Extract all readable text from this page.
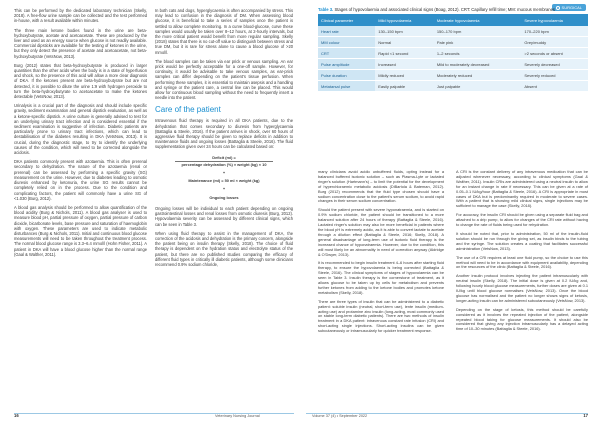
SURGICAL

This can be performed by the dedicated laboratory technician (Skelly, 2018). A free-flow urine sample can be collected and the test performed in-house, with a result available within minutes.

The three main ketone bodies found in the urine are beta-hydroxybutyrate, acetate and acetoacetate. These are produced by the liver and used as an energy source when glucose is not readily available. Commercial dipsticks are available for the testing of ketones in the urine, but they only detect the presence of acetate and acetoacetate, not beta-hydroxybutyrate (VetsNow, 2013).

Burg (2012) states that beta-hydroxybutyrate is produced in larger quantities than the other acids when the body is in a state of hyperfusion and shock, so the presence of this acid will allow a more clear diagnosis of DKA. If the ketones present are beta-hydroxybutyrate but are not detected, it is possible to dilute the urine 1:9 with hydrogen peroxide to turn the beta-hydroxybutyrate to acetoacetate to make the ketones detectable (VetsNow, 2013).

Urinalysis is a crucial part of the diagnosis and should include specific gravity, sediment examination and general dipstick evaluation, as well as a ketone-specific dipstick. A urine culture is generally advised to test for an underlying urinary tract infection and is considered essential if the sediment examination is suggestive of infection. Diabetic patients are particularly prone to urinary tract infections, which can lead to destabilisation of the diabetes resulting in DKA (VetsNow, 2013). It is crucial, during the diagnostic stage, to try to identify the underlying causes of the condition, which will need to be corrected alongside the acidosis.

DKA patients commonly present with azotaemia. This is often prerenal secondary to dehydration. The nature of the azotaemia (renal or prerenal) can be assessed by performing a specific gravity (SG) measurement on the urine. However, due to diabetes leading to osmotic diuresis enhanced by ketonuria, the urine SG results cannot be completely relied on in the process. Due to the condition and complicating factors, the patient will commonly have a urine SG of <1.030 (Burg, 2012).

A blood gas analysis should be performed to allow quantification of the blood acidity (Burg & Nichols, 2011). A blood gas analyser is used to measure blood pH, partial pressure of oxygen, partial pressure of carbon dioxide, bicarbonate levels, base pressure and saturation of haemoglobin with oxygen. These parameters are used to indicate metabolic disturbances (Burg & Nichols, 2011). Initial and continuous blood glucose measurements will need to be taken throughout the treatment process. The normal blood glucose range is 3.3–6.4 mmol/l (Hohn Fisher, 2011). A patient in DKA will have a blood glucose higher than the normal range (Gaal & Walther, 2011).

In both cats and dogs, hyperglycaemia is often accompanied by stress. This may lead to confusion in the diagnosis of DM. When assessing blood glucose, it is beneficial to take a series of samples once the patient is settled to allow complete monitoring. In a curve blood-glucose, curve these samples would usually be taken over 8–12 hours, at 2-hourly intervals, but the more critical patient would benefit from more regular sampling. Skelly (2018) states that there is no cut-off value to distinguish between stress and true DM, but it is rare for stress alone to cause a blood glucose of >20 mmol/l.

The blood samples can be taken via ear prick or venous sampling. An ear prick would be perfectly acceptable for a one-off sample. However, for continuity, it would be advisable to take venous samples, as ear-prick samples can differ depending on the patient's tissue perfusion. When performing these samples, it is essential to maintain asepsis and a handling and syringe or the patient care, a central line can be placed. This would allow for continuous blood sampling without the need to frequently insert a needle into the patient.

Care of the patient

Intravenous fluid therapy is required in all DKA patients, due to the dehydration that comes secondary to diuresis from hyperglycaemia (Battaglia & Steele, 2016). If the patient arrives in shock, over 60 hours of aggressive fluid therapy should be given to replace deficits in addition to maintenance fluids and ongoing losses (Battaglia & Steele, 2016). The fluid supplementation given over 24 hours can be calculated based on:

Deficit (ml) =
percentage dehydration (%) × weight (kg) × 10
+
Maintenance (ml) = 50 ml × weight (kg)
+
Ongoing losses

Ongoing losses will be individual to each patient depending on ongoing gastrointestinal losses and renal losses from osmotic diuresis (Burg, 2012). Hypovolaemia severity can be assessed by different clinical signs, which can be seen in Table 3.

When using fluid therapy to assist in the management of DKA, the correction of the acidosis and dehydration is the primary concern, alongside the patient being on insulin therapy (Skelly, 2018). The choice of fluid therapy is dependent on the hydration status and electrolyte status of the patient, but there are no published studies comparing the efficacy of different fluid types in critically ill diabetic patients, although some clinicians recommend 0.9% sodium chloride,

Table 3. Stages of hypovolaemia and associated clinical signs (Boag, 2012). CRT: Capillary refill time; MM: mucous membranes
Clinical parameter	Mild hypovolaemia	Moderate hypovolaemia	Severe hypovolaemia
Heart rate	130–150 bpm	150–170 bpm	170–220 bpm
MM colour	Normal	Pale pink	Grey/muddy
CRT	Rapid <1 second	1–2 seconds	>2 seconds or absent
Pulse amplitude	Increased	Mild to moderately decreased	Severely decreased
Pulse duration	Mildly reduced	Moderately reduced	Severely reduced
Metatarsal pulse	Easily palpable	Just palpable	Absent

many clinicians avoid acidic unbuffered fluids, opting instead for a balanced buffered isotonic solution – such as Plasma-Lyte or lactated ringer's solution (Hartmann's) – to limit the potential for the development of hyperchloraemic metabolic acidosis (DiBartola & Bateman, 2012). Burg (2012) recommends that the fluid type chosen should have a sodium concentration close to the patient's serum sodium, to avoid rapid changes in their serum sodium concentration.

Should the patient present with severe hyponatraemia, and is started on 0.9% sodium chloride, the patient should be transitioned to a more balanced solution after 24 hours of therapy (Battaglia & Steele, 2016). Lactated ringer's solution may also be more beneficial in patients where the blood pH is extremely acidic, as it is able to convert lactate to acetate through a dilution effect (Battaglia & Steele, 2016; Skelly, 2018). A general disadvantage of long-term use of isotonic fluid therapy is the increased chance of hyponatraemia. However, due to the condition, this will most likely be an abnormality in need of correction anyway (Aldridge & O'Dwyer, 2013).

It is recommended to begin insulin treatment 4–6 hours after starting fluid therapy, to ensure the hypovolaemia is being corrected (Battaglia & Steele, 2016). The clinical symptoms of stages of hypovolaemia can be seen in Table 3. Insulin therapy is the cornerstone of treatment, as it allows glucose to be taken up by cells for metabolism and prevents further ketones from adding to the ketone bodies and promotes ketone metabolism (Skelly, 2018).

There are three types of insulin that can be administered to a diabetic patient: soluble insulin (neutral, short-term use), lente insulin (medium-acting use) and protamine zinc insulin (long-acting, most commonly used on stable long-term diabetic patients). There are two methods of insulin treatment in a DKA patient: intravenous constant rate infusion (CRI) and short-acting single injections. Short-acting insulins can be given subcutaneously or intramuscularly for quicker treatment response.

A CRI is the constant delivery of any intravenous medication that can be adjusted whenever necessary, according to clinical symptoms (Gaal & Walther, 2011). Insulin CRIs are administered using a neutral insulin to allow for an instant change in rate if necessary. This can be given at a rate of 0.05–0.1 IU/kg/hour (Battaglia & Steele, 2016). A CRI is appropriate in most cases of DKA but is predominantly required in moderate to severe cases. With a patient that is showing mild clinical signs, single injections may be sufficient to manage the case (Skelly, 2018).

For accuracy, the insulin CRI should be given using a separate fluid bag and attached to a drip pump, to allow for changes of the CRI rate without having to change the rate of fluids being used for rehydration.

It should be noted that, prior to administration, 50 ml of the insulin-fluid solution should be run through the giving set, as insulin binds to the tubing and the syringe. The solution creates a coating that facilitates successful administration (VetsNow, 2013).

The use of a CRI requires at least one fluid pump, so the choice to use this method will need to be in accordance with equipment availability, depending on the resources of the clinic (Battaglia & Steele, 2016).

Another insulin protocol involves injecting the patient intramuscularly with neutral insulin (Skelly, 2018). The initial dose is given at 0.2 IU/kg and, following hourly blood glucose measurements, further doses are given at 0.1 IU/kg until blood glucose normalises (VetsNow, 2013). Once the blood glucose has normalised and the patient no longer shows signs of ketosis, longer-acting insulin can be administered subcutaneously (VetsNow, 2013).

Depending on the stage of ketosis, this method should be carefully considered as it involves the repeated injection of the patient, alongside repeated blood taking for glucose measurements. It should also be considered that giving any injection intramuscularly has a delayed acting time of 10–30 minutes (Battaglia & Steele, 2016).

16	Veterinary Nursing Journal	Volume 37 (4) • September 2022	17
